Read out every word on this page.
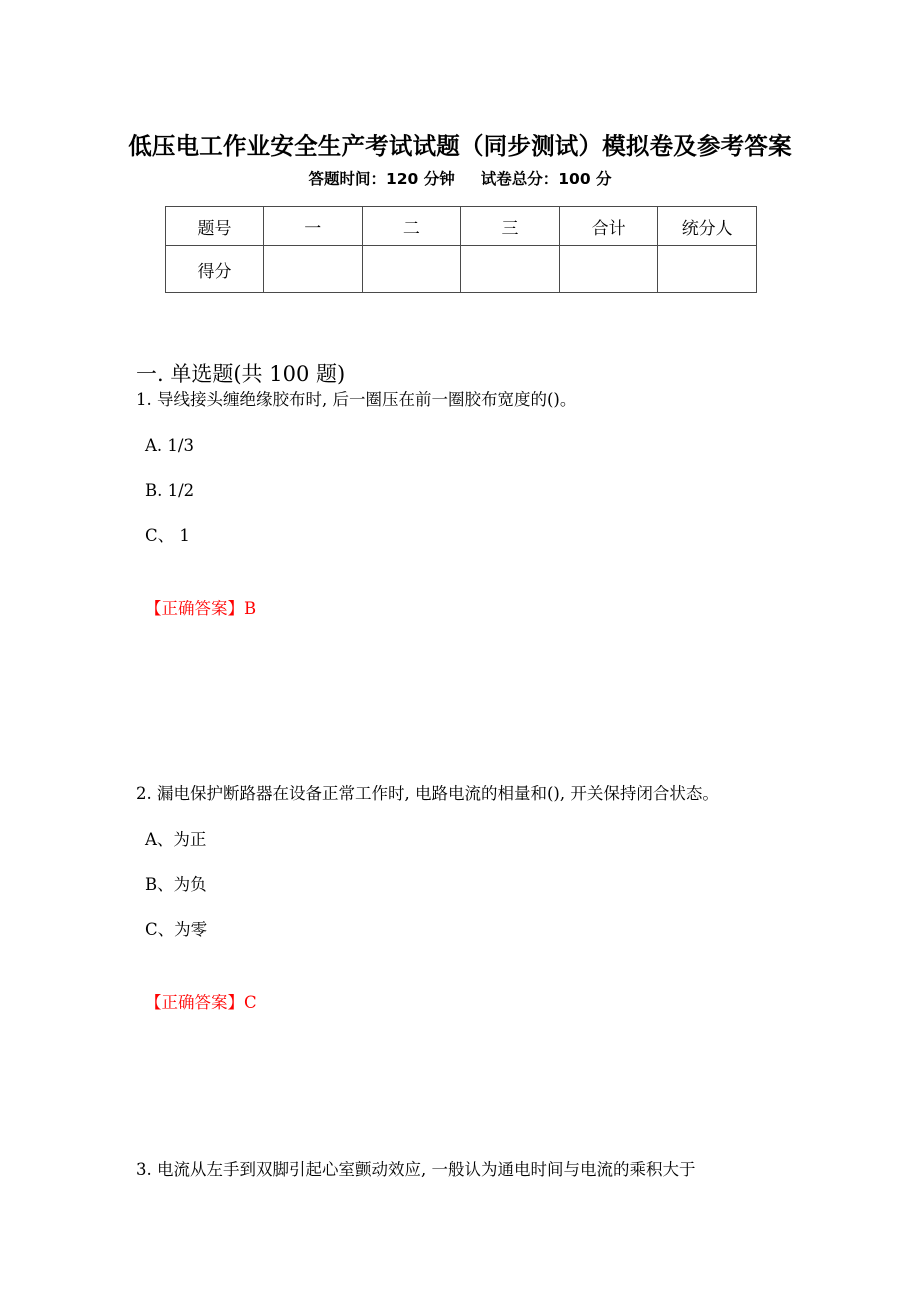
低压电工作业安全生产考试试题（同步测试）模拟卷及参考答案
答题时间：120 分钟 试卷总分：100 分
题号	一	二	三	合计	统分人
得分					
一. 单选题(共 100 题)

1. 导线接头缠绝缘胶布时, 后一圈压在前一圈胶布宽度的()。

A. 1/3

B. 1/2

C、 1

【正确答案】B

2. 漏电保护断路器在设备正常工作时, 电路电流的相量和(), 开关保持闭合状态。

A、为正

B、为负

C、为零

【正确答案】C

3. 电流从左手到双脚引起心室颤动效应, 一般认为通电时间与电流的乘积大于
